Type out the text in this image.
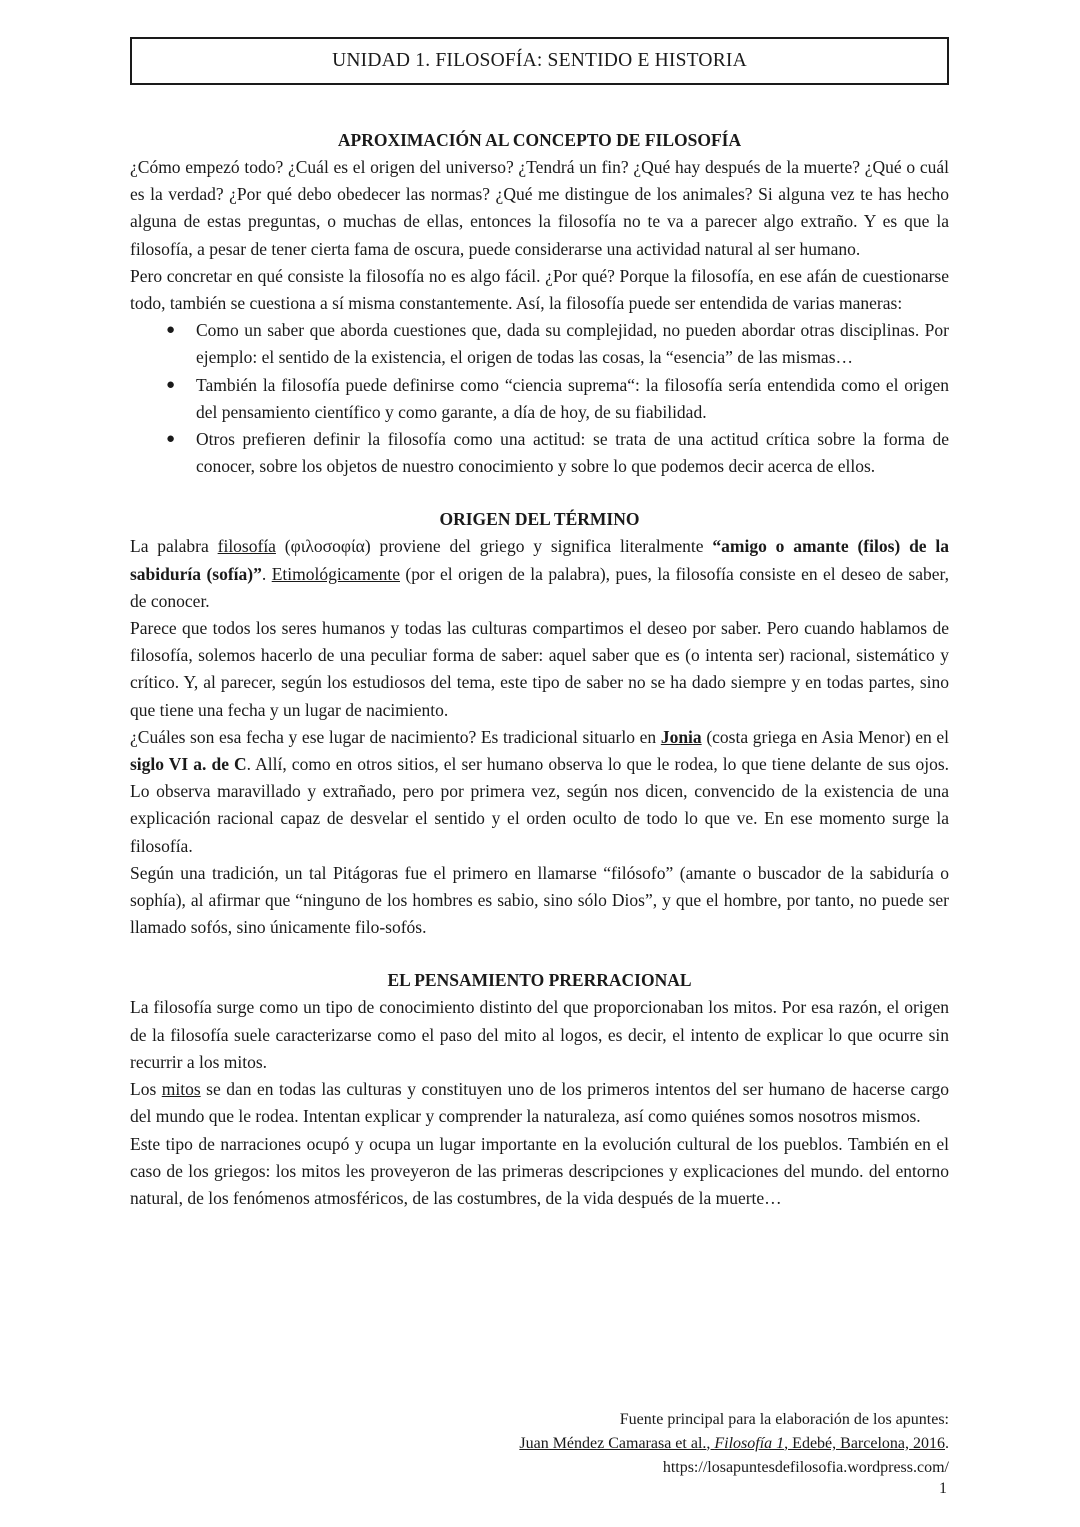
UNIDAD 1. FILOSOFÍA: SENTIDO E HISTORIA
APROXIMACIÓN AL CONCEPTO DE FILOSOFÍA

¿Cómo empezó todo? ¿Cuál es el origen del universo? ¿Tendrá un fin? ¿Qué hay después de la muerte? ¿Qué o cuál es la verdad? ¿Por qué debo obedecer las normas? ¿Qué me distingue de los animales? Si alguna vez te has hecho alguna de estas preguntas, o muchas de ellas, entonces la filosofía no te va a parecer algo extraño. Y es que la filosofía, a pesar de tener cierta fama de oscura, puede considerarse una actividad natural al ser humano.

Pero concretar en qué consiste la filosofía no es algo fácil. ¿Por qué? Porque la filosofía, en ese afán de cuestionarse todo, también se cuestiona a sí misma constantemente. Así, la filosofía puede ser entendida de varias maneras:

● Como un saber que aborda cuestiones que, dada su complejidad, no pueden abordar otras disciplinas. Por ejemplo: el sentido de la existencia, el origen de todas las cosas, la “esencia” de las mismas…
● También la filosofía puede definirse como “ciencia suprema“: la filosofía sería entendida como el origen del pensamiento científico y como garante, a día de hoy, de su fiabilidad.
● Otros prefieren definir la filosofía como una actitud: se trata de una actitud crítica sobre la forma de conocer, sobre los objetos de nuestro conocimiento y sobre lo que podemos decir acerca de ellos.
ORIGEN DEL TÉRMINO

La palabra filosofía (φιλοσοφία) proviene del griego y significa literalmente “amigo o amante (filos) de la sabiduría (sofía)”. Etimológicamente (por el origen de la palabra), pues, la filosofía consiste en el deseo de saber, de conocer.

Parece que todos los seres humanos y todas las culturas compartimos el deseo por saber. Pero cuando hablamos de filosofía, solemos hacerlo de una peculiar forma de saber: aquel saber que es (o intenta ser) racional, sistemático y crítico. Y, al parecer, según los estudiosos del tema, este tipo de saber no se ha dado siempre y en todas partes, sino que tiene una fecha y un lugar de nacimiento.

¿Cuáles son esa fecha y ese lugar de nacimiento? Es tradicional situarlo en Jonia (costa griega en Asia Menor) en el siglo VI a. de C. Allí, como en otros sitios, el ser humano observa lo que le rodea, lo que tiene delante de sus ojos. Lo observa maravillado y extrañado, pero por primera vez, según nos dicen, convencido de la existencia de una explicación racional capaz de desvelar el sentido y el orden oculto de todo lo que ve. En ese momento surge la filosofía.

Según una tradición, un tal Pitágoras fue el primero en llamarse “filósofo” (amante o buscador de la sabiduría o sophía), al afirmar que “ninguno de los hombres es sabio, sino sólo Dios”, y que el hombre, por tanto, no puede ser llamado sofós, sino únicamente filo-sofós.

EL PENSAMIENTO PRERRACIONAL

La filosofía surge como un tipo de conocimiento distinto del que proporcionaban los mitos. Por esa razón, el origen de la filosofía suele caracterizarse como el paso del mito al logos, es decir, el intento de explicar lo que ocurre sin recurrir a los mitos.

Los mitos se dan en todas las culturas y constituyen uno de los primeros intentos del ser humano de hacerse cargo del mundo que le rodea. Intentan explicar y comprender la naturaleza, así como quiénes somos nosotros mismos.

Este tipo de narraciones ocupó y ocupa un lugar importante en la evolución cultural de los pueblos. También en el caso de los griegos: los mitos les proveyeron de las primeras descripciones y explicaciones del mundo. del entorno natural, de los fenómenos atmosféricos, de las costumbres, de la vida después de la muerte…

Fuente principal para la elaboración de los apuntes:
Juan Méndez Camarasa et al., Filosofía 1, Edebé, Barcelona, 2016.
https://losapuntesdefilosofia.wordpress.com/
1
